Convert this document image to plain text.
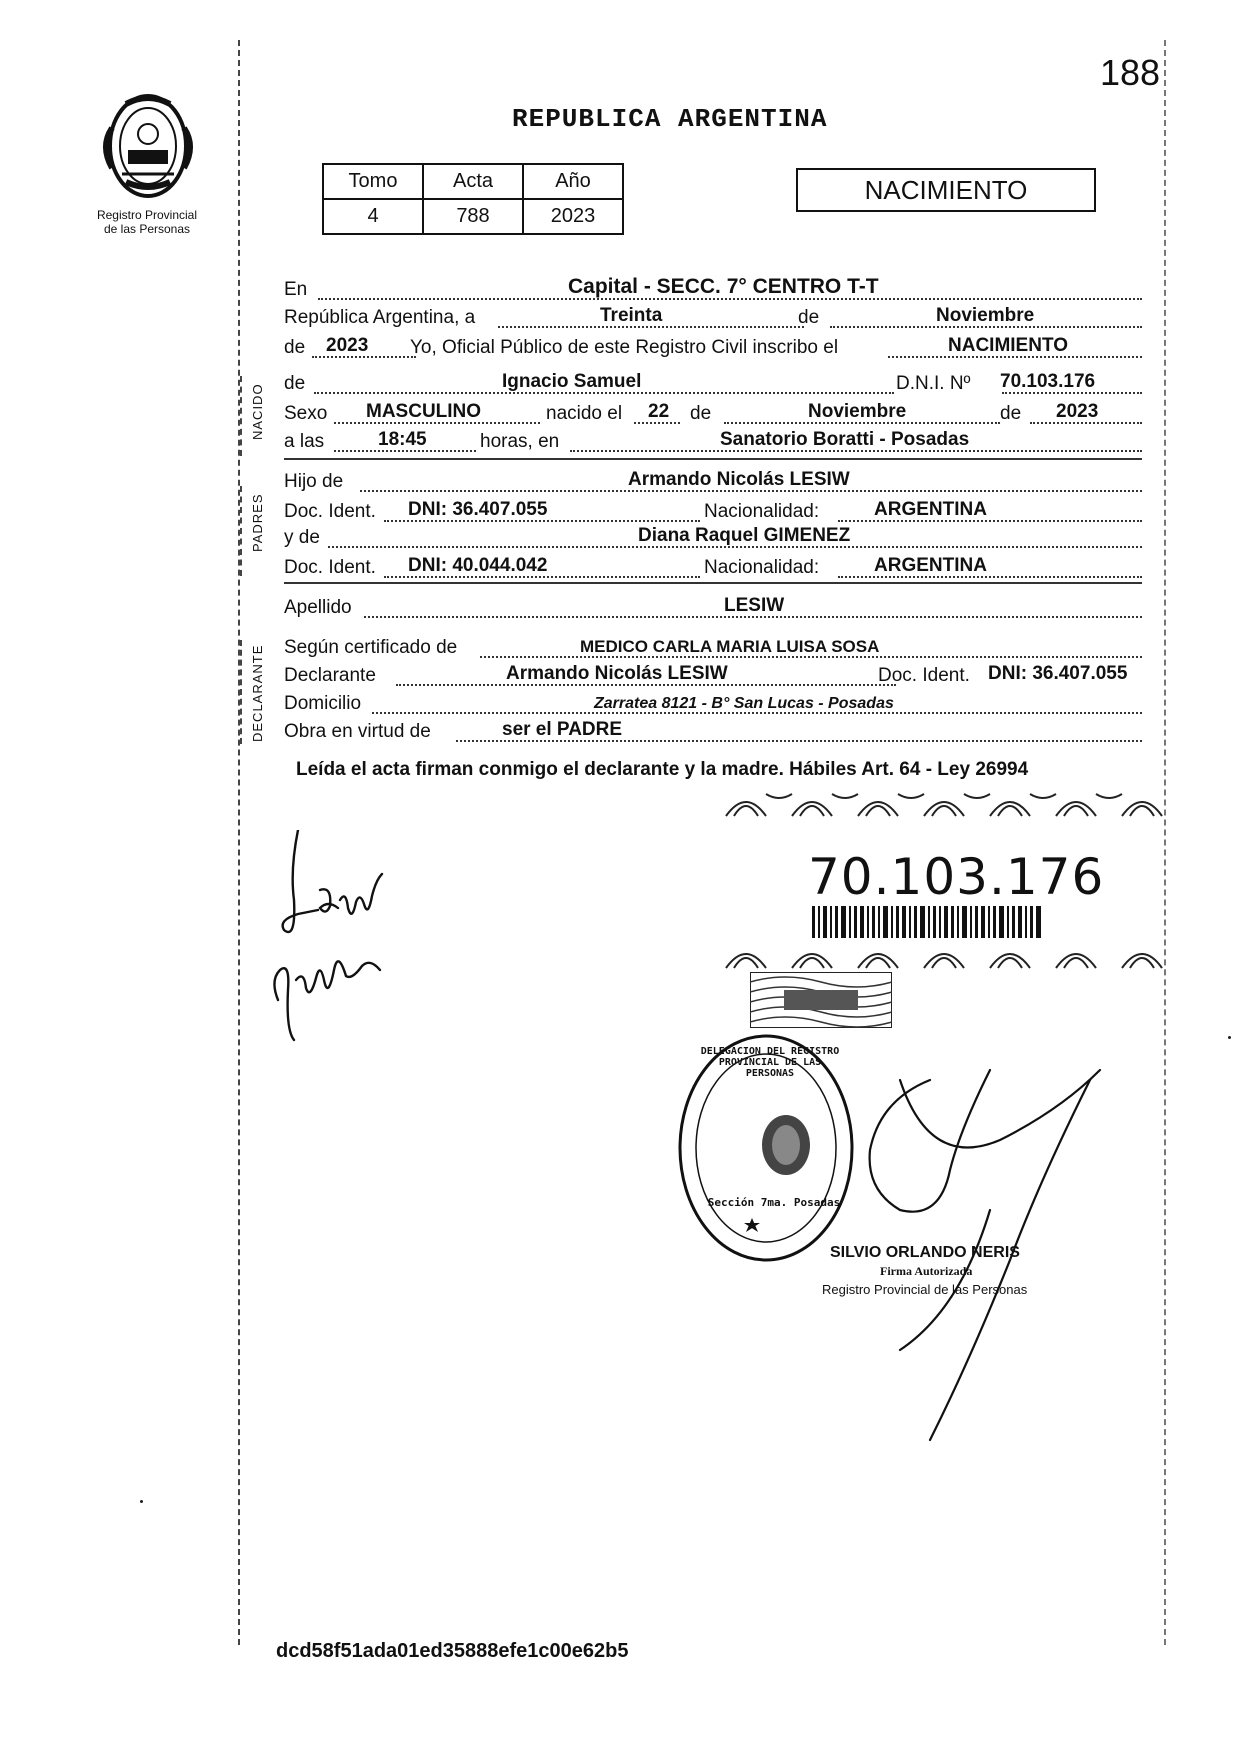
188
Registro Provincial
de las Personas
REPUBLICA ARGENTINA
Tomo	Acta	Año
4	788	2023
NACIMIENTO
NACIDO
PADRES
DECLARANTE
En	Capital - SECC. 7° CENTRO T-T
República Argentina, a	Treinta	de	Noviembre
de 2023 Yo, Oficial Público de este Registro Civil inscribo el	NACIMIENTO
de	Ignacio Samuel	D.N.I. Nº 70.103.176
Sexo MASCULINO	nacido el 22 de	Noviembre	de 2023
a las	18:45	horas, en	Sanatorio Boratti - Posadas
Hijo de	Armando Nicolás LESIW
Doc. Ident. DNI: 36.407.055	Nacionalidad:	ARGENTINA
y de	Diana Raquel GIMENEZ
Doc. Ident. DNI: 40.044.042	Nacionalidad:	ARGENTINA
Apellido	LESIW
Según certificado de	MEDICO CARLA MARIA LUISA SOSA
Declarante	Armando Nicolás LESIW	Doc. Ident. DNI: 36.407.055
Domicilio	Zarratea 8121 - B° San Lucas - Posadas
Obra en virtud de	ser el PADRE
Leída el acta firman conmigo el declarante y la madre. Hábiles Art. 64 - Ley 26994
70.103.176
DELEGACION DEL REGISTRO PROVINCIAL DE LAS PERSONAS
Sección 7ma. Posadas
SILVIO ORLANDO NERIS
Firma Autorizada
Registro Provincial de las Personas
dcd58f51ada01ed35888efe1c00e62b5
